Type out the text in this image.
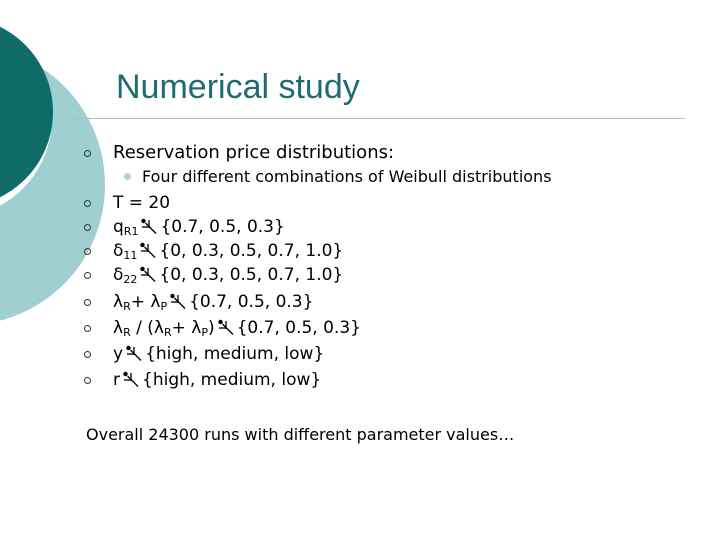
Numerical study
Reservation price distributions:
Four different combinations of Weibull distributions
T = 20
$q_{R1}$ {0.7, 0.5, 0.3}
$\delta_{11}$ {0, 0.3, 0.5, 0.7, 1.0}
$\delta_{22}$ {0, 0.3, 0.5, 0.7, 1.0}
$\lambda_R+ \lambda_P$ {0.7, 0.5, 0.3}
$\lambda_R / (\lambda_R+ \lambda_P)$ {0.7, 0.5, 0.3}
y {high, medium, low}
r {high, medium, low}
Overall 24300 runs with different parameter values…
